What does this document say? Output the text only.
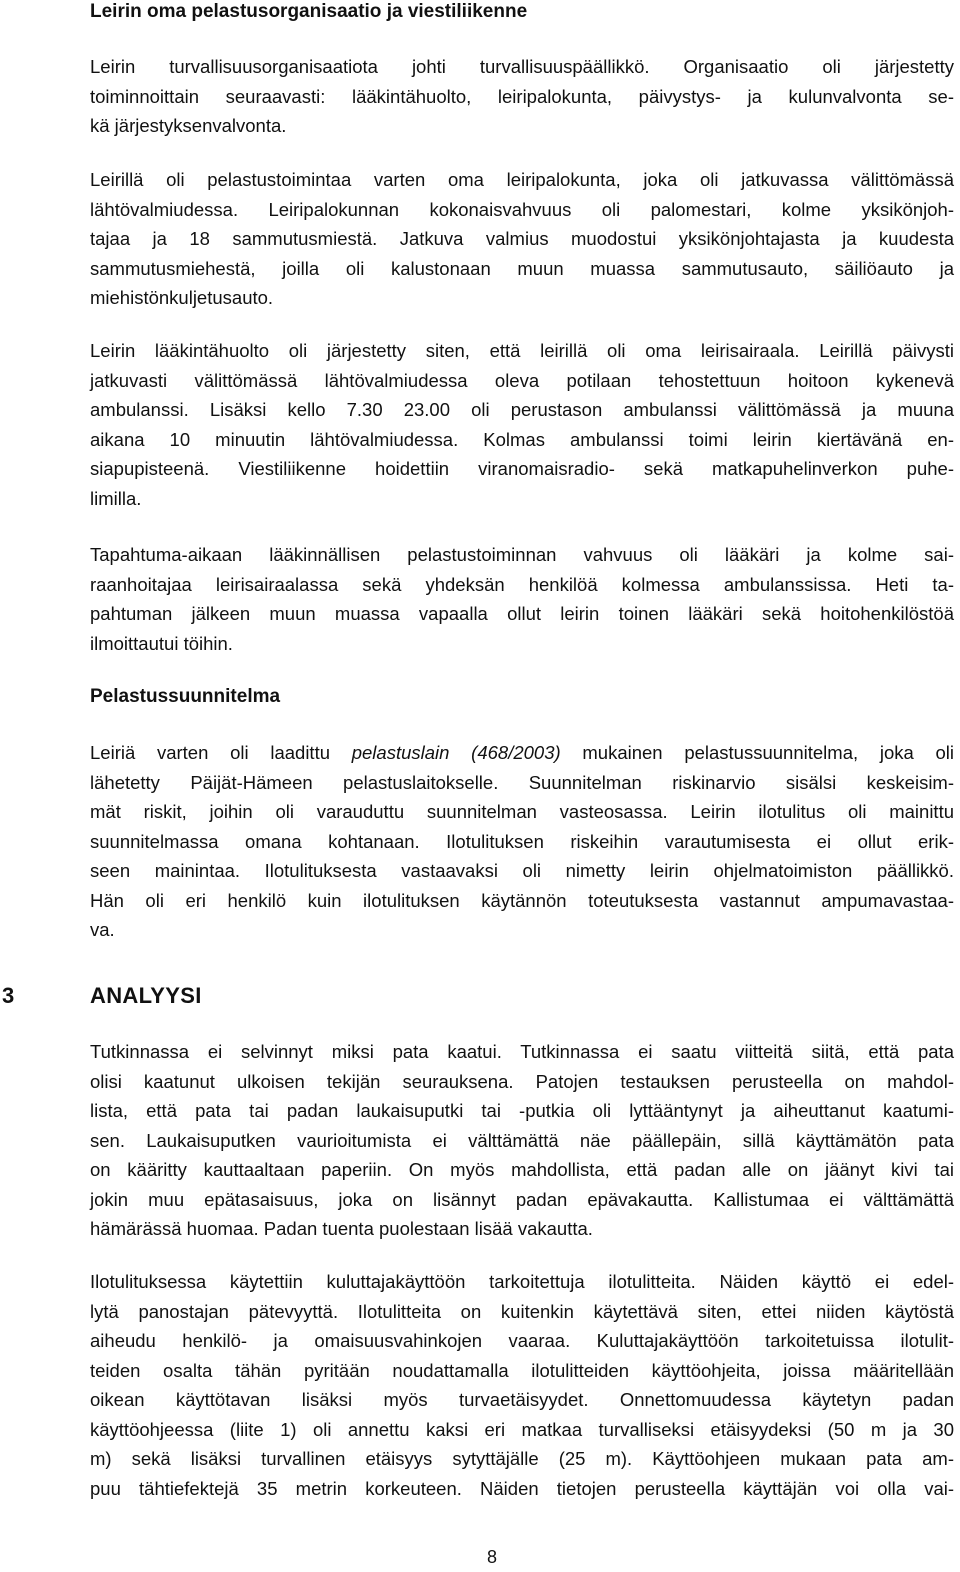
Leirin oma pelastusorganisaatio ja viestiliikenne
Leirin turvallisuusorganisaatiota johti turvallisuuspäällikkö. Organisaatio oli järjestetty
toiminnoittain seuraavasti: lääkintähuolto, leiripalokunta, päivystys- ja kulunvalvonta se-
kä järjestyksenvalvonta.
Leirillä oli pelastustoimintaa varten oma leiripalokunta, joka oli jatkuvassa välittömässä
lähtövalmiudessa. Leiripalokunnan kokonaisvahvuus oli palomestari, kolme yksikönjoh-
tajaa ja 18 sammutusmiestä. Jatkuva valmius muodostui yksikönjohtajasta ja kuudesta
sammutusmiehestä, joilla oli kalustonaan muun muassa sammutusauto, säiliöauto ja
miehistönkuljetusauto.
Leirin lääkintähuolto oli järjestetty siten, että leirillä oli oma leirisairaala. Leirillä päivysti
jatkuvasti välittömässä lähtövalmiudessa oleva potilaan tehostettuun hoitoon kykenevä
ambulanssi. Lisäksi kello 7.30 23.00 oli perustason ambulanssi välittömässä ja muuna
aikana 10 minuutin lähtövalmiudessa. Kolmas ambulanssi toimi leirin kiertävänä en-
siapupisteenä. Viestiliikenne hoidettiin viranomaisradio- sekä matkapuhelinverkon puhe-
limilla.
Tapahtuma-aikaan lääkinnällisen pelastustoiminnan vahvuus oli lääkäri ja kolme sai-
raanhoitajaa leirisairaalassa sekä yhdeksän henkilöä kolmessa ambulanssissa. Heti ta-
pahtuman jälkeen muun muassa vapaalla ollut leirin toinen lääkäri sekä hoitohenkilöstöä
ilmoittautui töihin.
Pelastussuunnitelma
Leiriä varten oli laadittu pelastuslain (468/2003) mukainen pelastussuunnitelma, joka oli
lähetetty Päijät-Hämeen pelastuslaitokselle. Suunnitelman riskinarvio sisälsi keskeisim-
mät riskit, joihin oli varauduttu suunnitelman vasteosassa. Leirin ilotulitus oli mainittu
suunnitelmassa omana kohtanaan. Ilotulituksen riskeihin varautumisesta ei ollut erik-
seen mainintaa. Ilotulituksesta vastaavaksi oli nimetty leirin ohjelmatoimiston päällikkö.
Hän oli eri henkilö kuin ilotulituksen käytännön toteutuksesta vastannut ampumavastaa-
va.
3	ANALYYSI
Tutkinnassa ei selvinnyt miksi pata kaatui. Tutkinnassa ei saatu viitteitä siitä, että pata
olisi kaatunut ulkoisen tekijän seurauksena. Patojen testauksen perusteella on mahdol-
lista, että pata tai padan laukaisuputki tai -putkia oli lyttääntynyt ja aiheuttanut kaatumi-
sen. Laukaisuputken vaurioitumista ei välttämättä näe päällepäin, sillä käyttämätön pata
on kääritty kauttaaltaan paperiin. On myös mahdollista, että padan alle on jäänyt kivi tai
jokin muu epätasaisuus, joka on lisännyt padan epävakautta. Kallistumaa ei välttämättä
hämärässä huomaa. Padan tuenta puolestaan lisää vakautta.
Ilotulituksessa käytettiin kuluttajakäyttöön tarkoitettuja ilotulitteita. Näiden käyttö ei edel-
lytä panostajan pätevyyttä. Ilotulitteita on kuitenkin käytettävä siten, ettei niiden käytöstä
aiheudu henkilö- ja omaisuusvahinkojen vaaraa. Kuluttajakäyttöön tarkoitetuissa ilotulit-
teiden osalta tähän pyritään noudattamalla ilotulitteiden käyttöohjeita, joissa määritellään
oikean käyttötavan lisäksi myös turvaetäisyydet. Onnettomuudessa käytetyn padan
käyttöohjeessa (liite 1) oli annettu kaksi eri matkaa turvalliseksi etäisyydeksi (50 m ja 30
m) sekä lisäksi turvallinen etäisyys sytyttäjälle (25 m). Käyttöohjeen mukaan pata am-
puu tähtiefektejä 35 metrin korkeuteen. Näiden tietojen perusteella käyttäjän voi olla vai-
8
